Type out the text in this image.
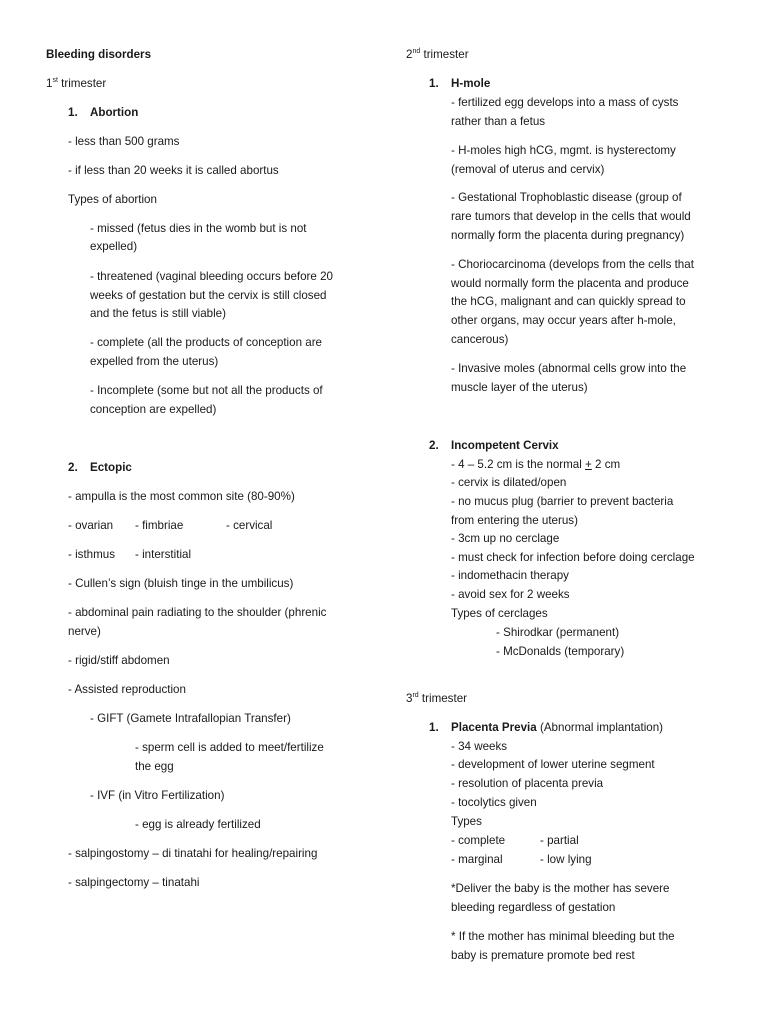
Bleeding disorders
1st trimester
1. Abortion
- less than 500 grams
- if less than 20 weeks it is called abortus
Types of abortion
- missed (fetus dies in the womb but is not
expelled)
- threatened (vaginal bleeding occurs before 20
weeks of gestation but the cervix is still closed
and the fetus is still viable)
- complete (all the products of conception are
expelled from the uterus)
- Incomplete (some but not all the products of
conception are expelled)
2. Ectopic
- ampulla is the most common site (80-90%)
- ovarian - fimbriae	- cervical
- isthmus - interstitial
- Cullen’s sign (bluish tinge in the umbilicus)
- abdominal pain radiating to the shoulder (phrenic
nerve)
- rigid/stiff abdomen
- Assisted reproduction
- GIFT (Gamete Intrafallopian Transfer)
- sperm cell is added to meet/fertilize
the egg
- IVF (in Vitro Fertilization)
- egg is already fertilized
- salpingostomy – di tinatahi for healing/repairing
- salpingectomy – tinatahi
2nd trimester
1. H-mole
- fertilized egg develops into a mass of cysts
rather than a fetus
- H-moles high hCG, mgmt. is hysterectomy
(removal of uterus and cervix)
- Gestational Trophoblastic disease (group of
rare tumors that develop in the cells that would
normally form the placenta during pregnancy)
- Choriocarcinoma (develops from the cells that
would normally form the placenta and produce
the hCG, malignant and can quickly spread to
other organs, may occur years after h-mole,
cancerous)
- Invasive moles (abnormal cells grow into the
muscle layer of the uterus)
2. Incompetent Cervix
- 4 – 5.2 cm is the normal + 2 cm
- cervix is dilated/open
- no mucus plug (barrier to prevent bacteria
from entering the uterus)
- 3cm up no cerclage
- must check for infection before doing cerclage
- indomethacin therapy
- avoid sex for 2 weeks
Types of cerclages
- Shirodkar (permanent)
- McDonalds (temporary)
3rd trimester
1. Placenta Previa (Abnormal implantation)
- 34 weeks
- development of lower uterine segment
- resolution of placenta previa
- tocolytics given
Types
- complete	- partial
- marginal	- low lying
*Deliver the baby is the mother has severe
bleeding regardless of gestation
* If the mother has minimal bleeding but the
baby is premature promote bed rest
